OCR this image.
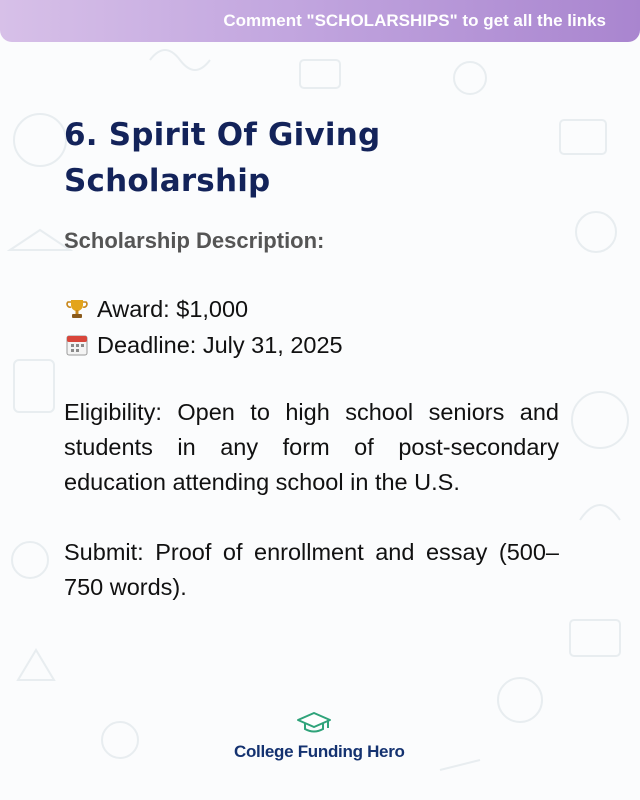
Comment "SCHOLARSHIPS" to get all the links
6. Spirit Of Giving Scholarship
Scholarship Description:
Award: $1,000
Deadline: July 31, 2025
Eligibility: Open to high school seniors and students in any form of post-secondary education attending school in the U.S.
Submit: Proof of enrollment and essay (500–750 words).
College Funding Hero
